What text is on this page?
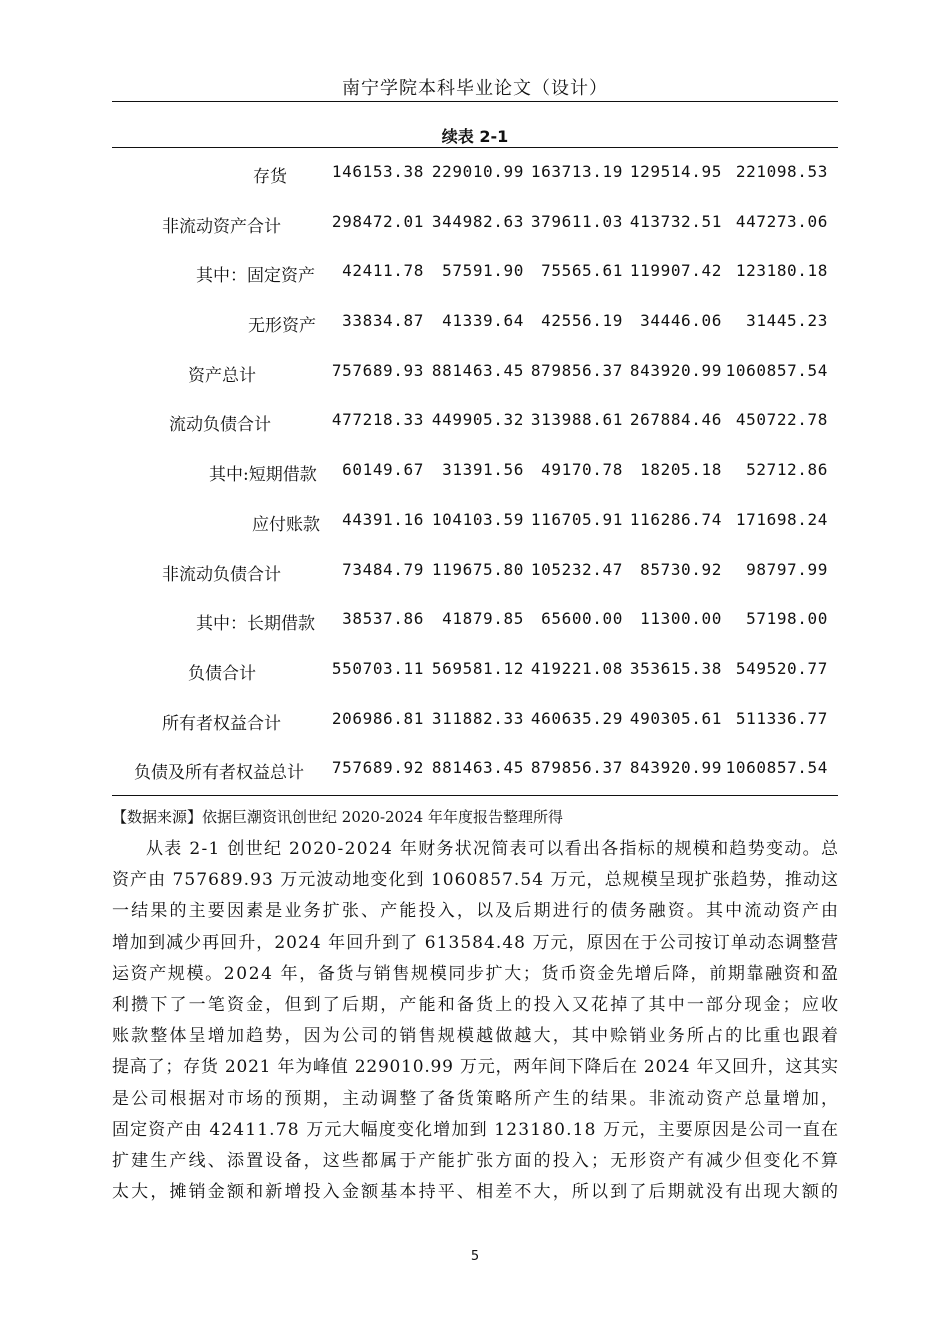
南宁学院本科毕业论文（设计）
续表 2-1
存货	146153.38 229010.99 163713.19 129514.95 221098.53
非流动资产合计	298472.01 344982.63 379611.03 413732.51 447273.06
其中：固定资产 42411.78 57591.90 75565.61 119907.42 123180.18
无形资产 33834.87 41339.64 42556.19 34446.06 31445.23
资产总计	757689.93 881463.45 879856.37 843920.99 1060857.54
流动负债合计	477218.33 449905.32 313988.61 267884.46 450722.78
其中:短期借款 60149.67 31391.56 49170.78 18205.18 52712.86
应付账款 44391.16 104103.59 116705.91 116286.74 171698.24
非流动负债合计	73484.79 119675.80 105232.47 85730.92 98797.99
其中：长期借款 38537.86 41879.85 65600.00 11300.00 57198.00
负债合计	550703.11 569581.12 419221.08 353615.38 549520.77
所有者权益合计	206986.81 311882.33 460635.29 490305.61 511336.77
负债及所有者权益总计 757689.92 881463.45 879856.37 843920.99 1060857.54
【数据来源】依据巨潮资讯创世纪 2020-2024 年年度报告整理所得
从表 2-1 创世纪 2020-2024 年财务状况简表可以看出各指标的规模和趋势变动。总
资产由 757689.93 万元波动地变化到 1060857.54 万元，总规模呈现扩张趋势，推动这
一结果的主要因素是业务扩张、产能投入，以及后期进行的债务融资。其中流动资产由
增加到减少再回升，2024 年回升到了 613584.48 万元，原因在于公司按订单动态调整营
运资产规模。2024 年，备货与销售规模同步扩大；货币资金先增后降，前期靠融资和盈
利攒下了一笔资金，但到了后期，产能和备货上的投入又花掉了其中一部分现金；应收
账款整体呈增加趋势，因为公司的销售规模越做越大，其中赊销业务所占的比重也跟着
提高了；存货 2021 年为峰值 229010.99 万元，两年间下降后在 2024 年又回升，这其实
是公司根据对市场的预期，主动调整了备货策略所产生的结果。非流动资产总量增加，
固定资产由 42411.78 万元大幅度变化增加到 123180.18 万元，主要原因是公司一直在
扩建生产线、添置设备，这些都属于产能扩张方面的投入；无形资产有减少但变化不算
太大，摊销金额和新增投入金额基本持平、相差不大，所以到了后期就没有出现大额的
5
